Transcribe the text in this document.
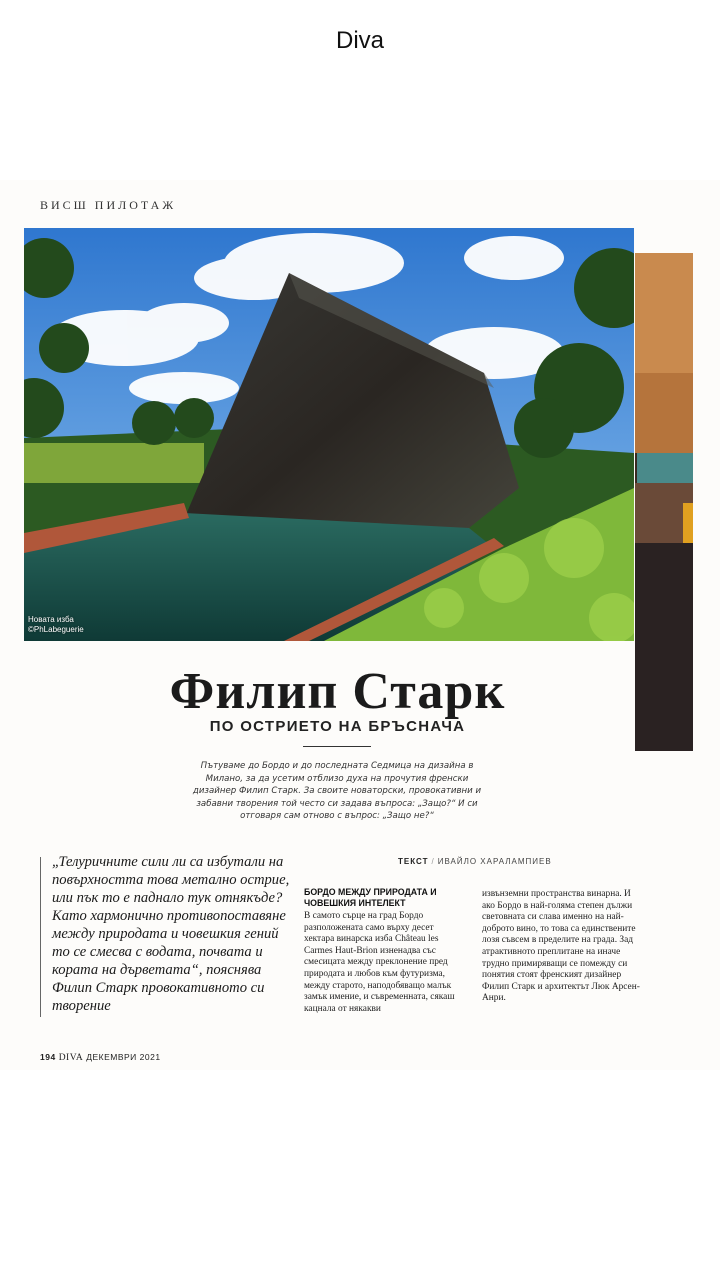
Diva
ВИСШ ПИЛОТАЖ
Новата изба
©PhLabeguerie
Филип Старк
ПО ОСТРИЕТО НА БРЪСНАЧА
Пътуваме до Бордо и до последната Седмица на дизайна в Милано, за да усетим отблизо духа на прочутия френски дизайнер Филип Старк. За своите новаторски, провокативни и забавни творения той често си задава въпроса: „Защо?“ И си отговаря сам отново с въпрос: „Защо не?“
„Телуричните сили ли са избутали на повърхността това метално острие, или пък то е паднало тук отнякъде? Като хармонично противопоставяне между природата и човешкия гений то се смесва с водата, почвата и кората на дърветата“, пояснява Филип Старк провокативното си творение
ТЕКСТ / ИВАЙЛО ХАРАЛАМПИЕВ
БОРДО МЕЖДУ ПРИРОДАТА И ЧОВЕШКИЯ ИНТЕЛЕКТ
В самото сърце на град Бордо разположената само върху десет хектара винарска изба Château les Carmes Haut-Brion изненадва със смесицата между преклонение пред природата и любов към футуризма, между старото, наподобяващо малък замък имение, и съвременната, сякаш кацнала от някакви
извънземни пространства винарна. И ако Бордо в най-голяма степен дължи световната си слава именно на най-доброто вино, то това са единствените лозя съвсем в пределите на града. Зад атрактивното преплитане на иначе трудно примиряващи се помежду си понятия стоят френският дизайнер Филип Старк и архитектът Люк Арсен-Анри.
194 DIVA ДЕКЕМВРИ 2021
